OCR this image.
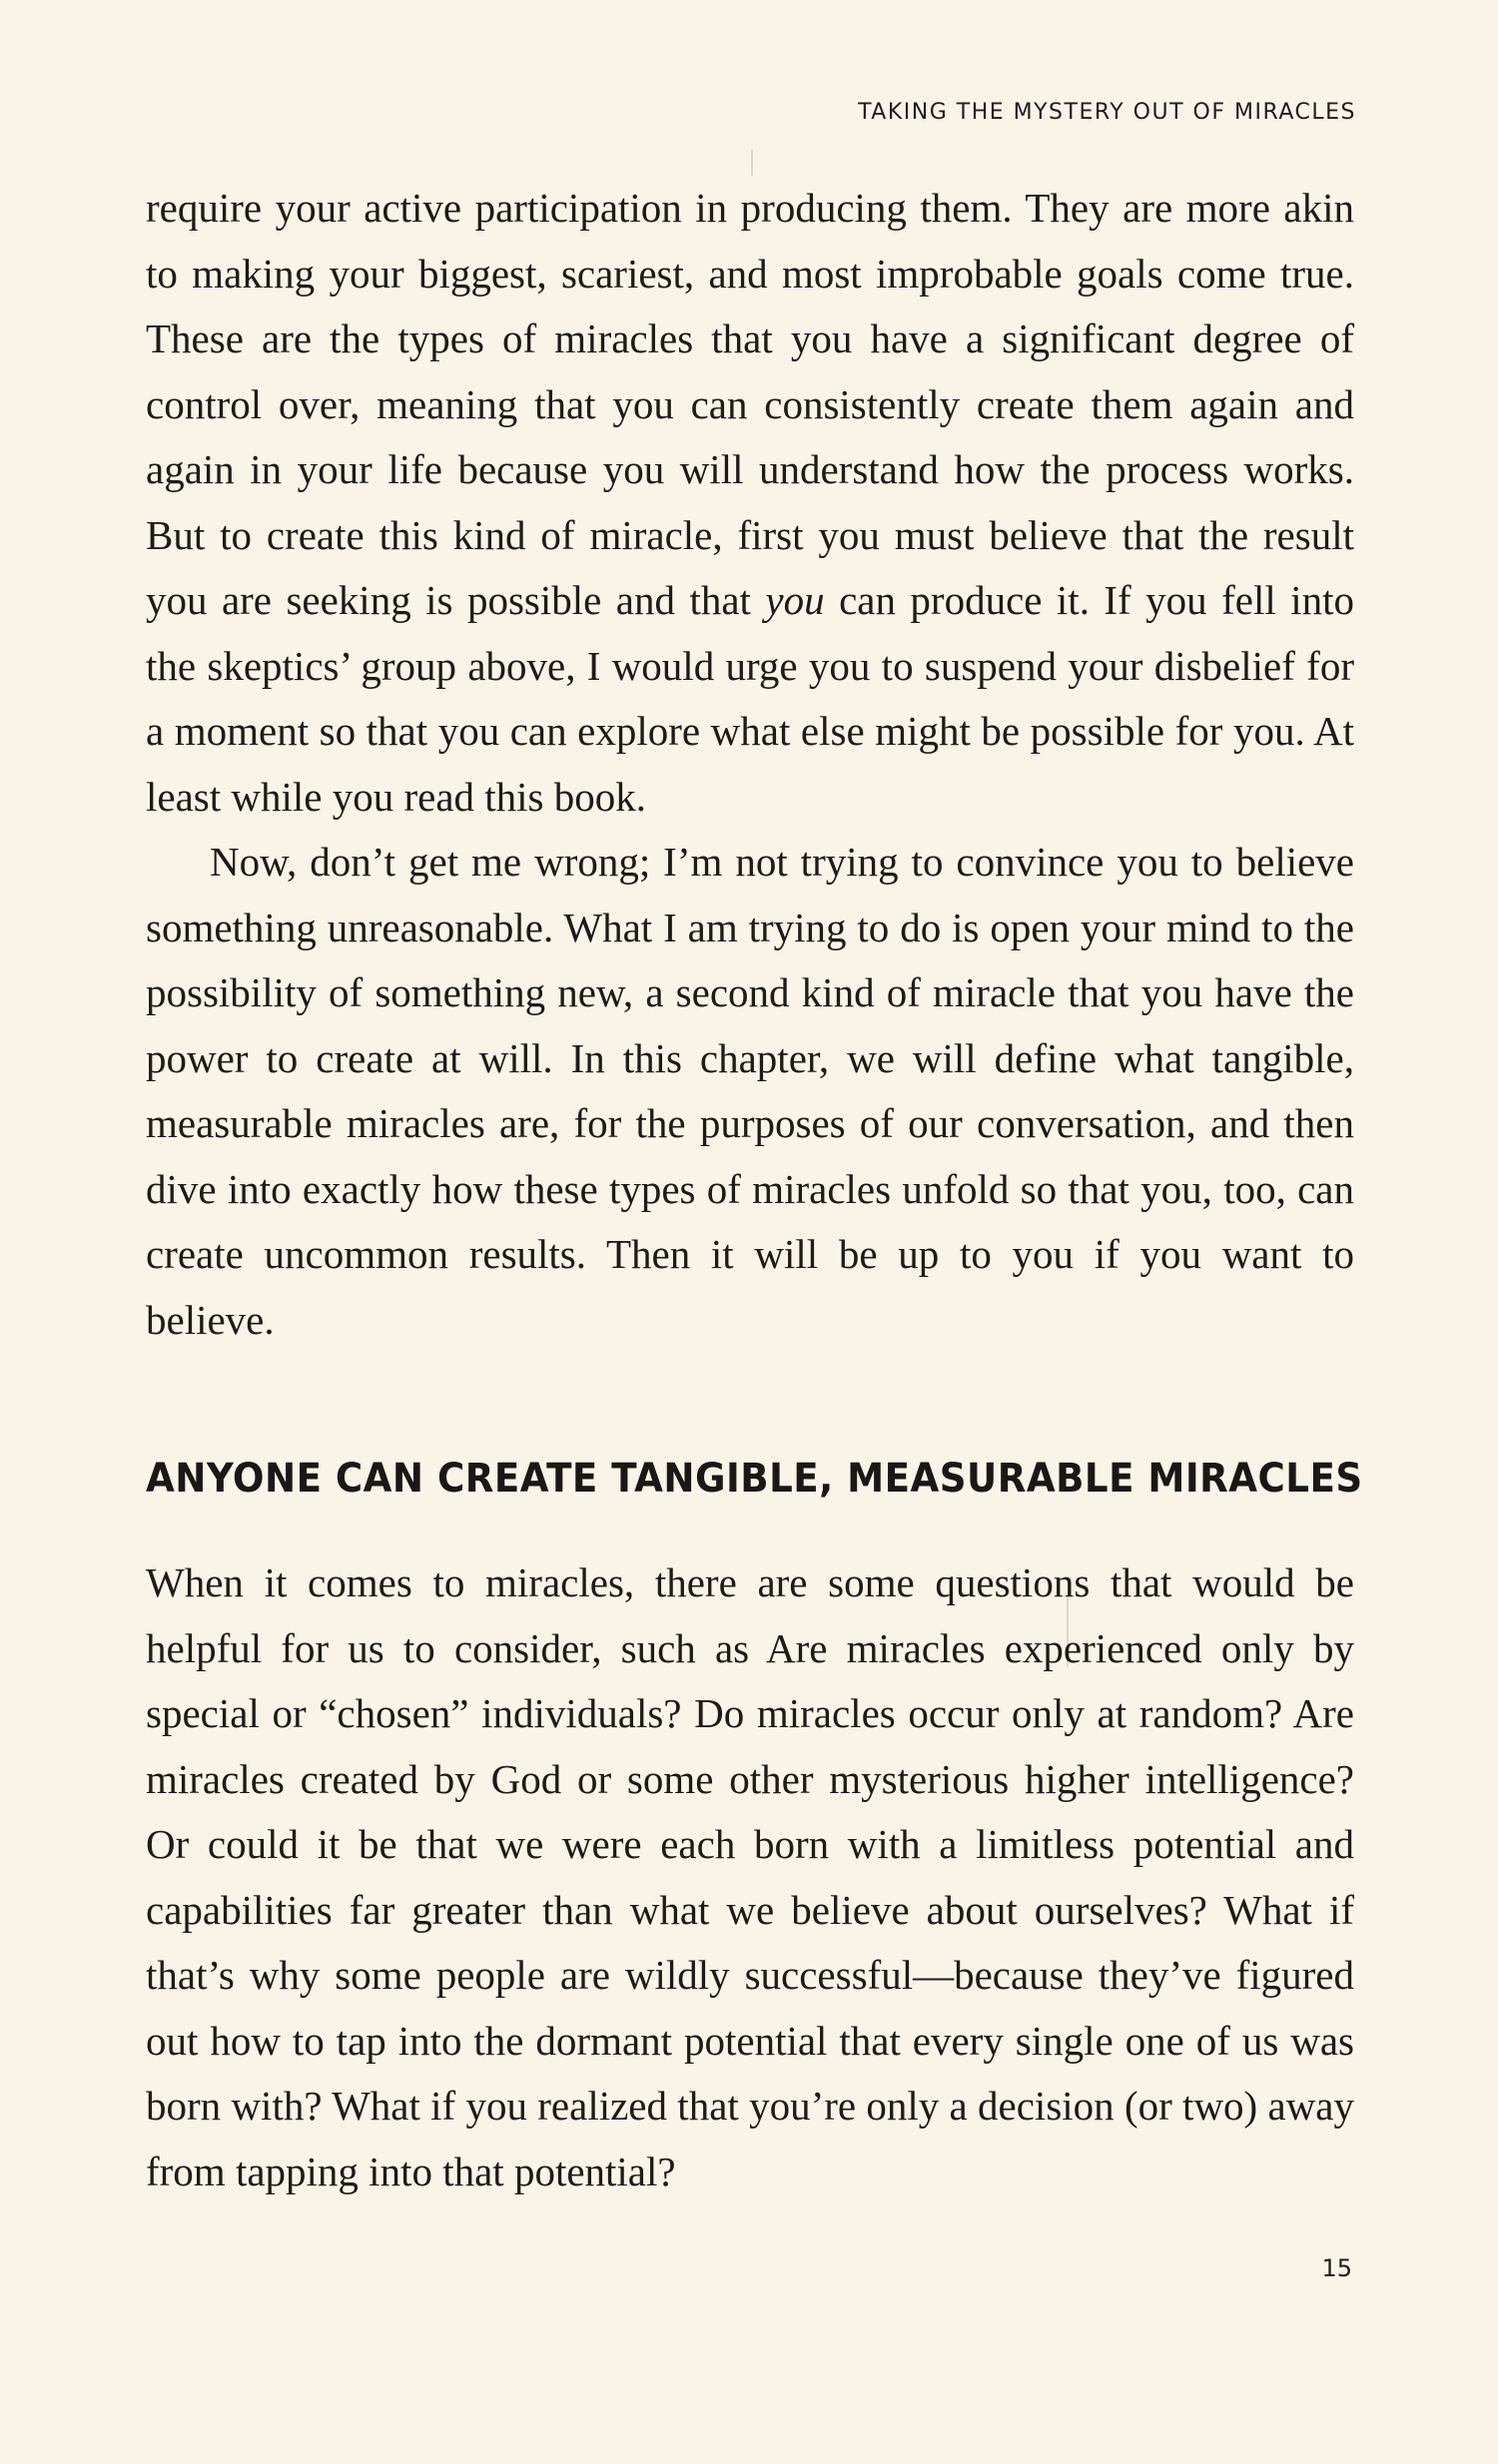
TAKING THE MYSTERY OUT OF MIRACLES

require your active participation in producing them. They are more akin to making your biggest, scariest, and most improbable goals come true. These are the types of miracles that you have a significant degree of control over, meaning that you can consistently create them again and again in your life because you will understand how the process works. But to create this kind of miracle, first you must believe that the result you are seeking is possible and that you can produce it. If you fell into the skeptics’ group above, I would urge you to suspend your disbelief for a moment so that you can explore what else might be possible for you. At least while you read this book.

Now, don’t get me wrong; I’m not trying to convince you to believe something unreasonable. What I am trying to do is open your mind to the possibility of something new, a second kind of miracle that you have the power to create at will. In this chapter, we will define what tangible, measurable miracles are, for the purposes of our conversation, and then dive into exactly how these types of miracles unfold so that you, too, can create uncommon results. Then it will be up to you if you want to believe.

ANYONE CAN CREATE TANGIBLE, MEASURABLE MIRACLES

When it comes to miracles, there are some questions that would be helpful for us to consider, such as Are miracles experienced only by special or “chosen” individuals? Do miracles occur only at random? Are miracles created by God or some other mysterious higher intelligence? Or could it be that we were each born with a limitless potential and capabilities far greater than what we believe about ourselves? What if that’s why some people are wildly successful—because they’ve figured out how to tap into the dormant potential that every single one of us was born with? What if you realized that you’re only a decision (or two) away from tapping into that potential?

15
